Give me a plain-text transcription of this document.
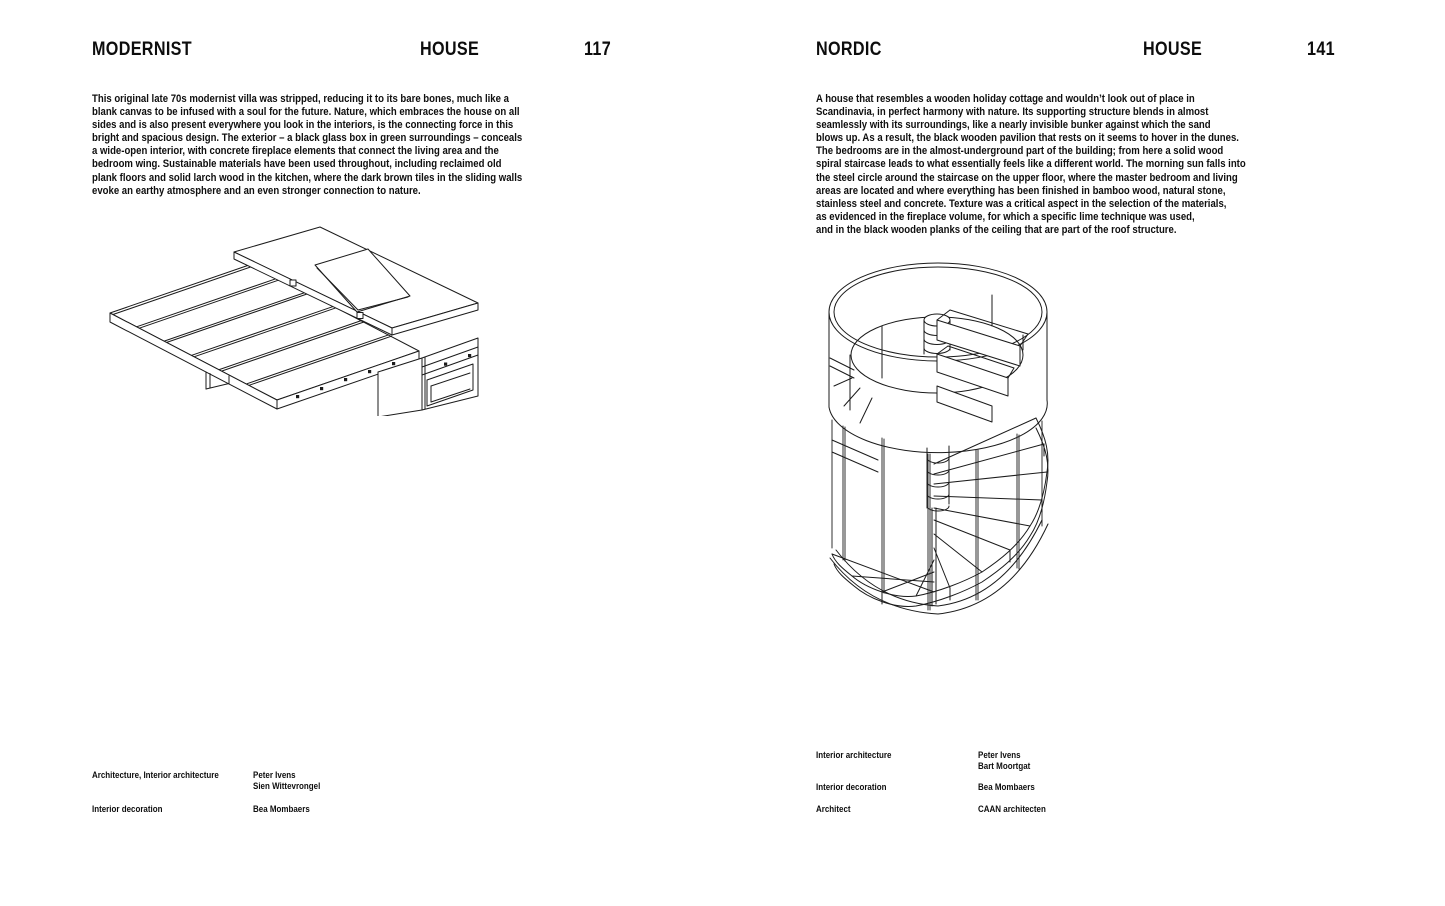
MODERNIST	HOUSE	117
This original late 70s modernist villa was stripped, reducing it to its bare bones, much like a
blank canvas to be infused with a soul for the future. Nature, which embraces the house on all
sides and is also present everywhere you look in the interiors, is the connecting force in this
bright and spacious design. The exterior – a black glass box in green surroundings – conceals
a wide-open interior, with concrete fireplace elements that connect the living area and the
bedroom wing. Sustainable materials have been used throughout, including reclaimed old
plank floors and solid larch wood in the kitchen, where the dark brown tiles in the sliding walls
evoke an earthy atmosphere and an even stronger connection to nature.
Architecture, Interior architecture	Peter Ivens
Sien Wittevrongel
Interior decoration	Bea Mombaers
NORDIC	HOUSE	141
A house that resembles a wooden holiday cottage and wouldn’t look out of place in
Scandinavia, in perfect harmony with nature. Its supporting structure blends in almost
seamlessly with its surroundings, like a nearly invisible bunker against which the sand
blows up. As a result, the black wooden pavilion that rests on it seems to hover in the dunes.
The bedrooms are in the almost-underground part of the building; from here a solid wood
spiral staircase leads to what essentially feels like a different world. The morning sun falls into
the steel circle around the staircase on the upper floor, where the master bedroom and living
areas are located and where everything has been finished in bamboo wood, natural stone,
stainless steel and concrete. Texture was a critical aspect in the selection of the materials,
as evidenced in the fireplace volume, for which a specific lime technique was used,
and in the black wooden planks of the ceiling that are part of the roof structure.
Interior architecture	Peter Ivens
Bart Moortgat
Interior decoration	Bea Mombaers
Architect	CAAN architecten
